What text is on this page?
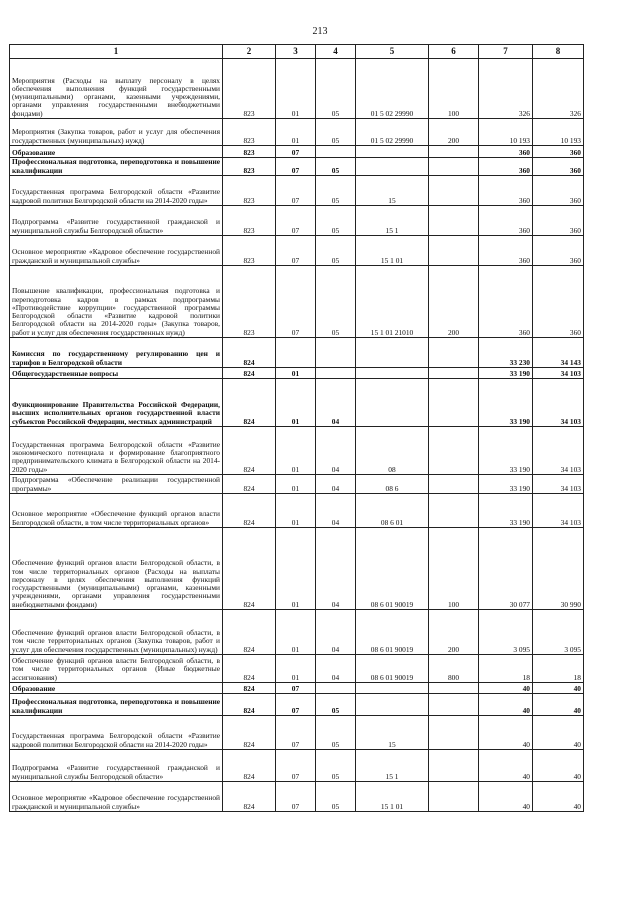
213
1	2	3	4	5	6	7	8
Мероприятия (Расходы на выплату персоналу в целях обеспечения выполнения функций государственными (муниципальными) органами, казенными учреждениями, органами управления государственными внебюджетными фондами)	823	01	05	01 5 02 29990	100	326	326
Мероприятия (Закупка товаров, работ и услуг для обеспечения государственных (муниципальных) нужд)	823	01	05	01 5 02 29990	200	10 193	10 193
Образование	823	07				360	360
Профессиональная подготовка, переподготовка и повышение квалификации	823	07	05			360	360
Государственная программа Белгородской области «Развитие кадровой политики Белгородской области на 2014-2020 годы»	823	07	05	15		360	360
Подпрограмма «Развитие государственной гражданской и муниципальной службы Белгородской области»	823	07	05	15 1		360	360
Основное мероприятие «Кадровое обеспечение государственной гражданской и муниципальной службы»	823	07	05	15 1 01		360	360
Повышение квалификации, профессиональная подготовка и переподготовка кадров в рамках подпрограммы «Противодействие коррупции» государственной программы Белгородской области «Развитие кадровой политики Белгородской области на 2014-2020 годы» (Закупка товаров, работ и услуг для обеспечения государственных нужд)	823	07	05	15 1 01 21010	200	360	360
Комиссия по государственному регулированию цен и тарифов в Белгородской области	824					33 230	34 143
Общегосударственные вопросы	824	01				33 190	34 103
Функционирование Правительства Российской Федерации, высших исполнительных органов государственной власти субъектов Российской Федерации, местных администраций	824	01	04			33 190	34 103
Государственная программа Белгородской области «Развитие экономического потенциала и формирование благоприятного предпринимательского климата в Белгородской области на 2014-2020 годы»	824	01	04	08		33 190	34 103
Подпрограмма «Обеспечение реализации государственной программы»	824	01	04	08 6		33 190	34 103
Основное мероприятие «Обеспечение функций органов власти Белгородской области, в том числе территориальных органов»	824	01	04	08 6 01		33 190	34 103
Обеспечение функций органов власти Белгородской области, в том числе территориальных органов (Расходы на выплаты персоналу в целях обеспечения выполнения функций государственными (муниципальными) органами, казенными учреждениями, органами управления государственными внебюджетными фондами)	824	01	04	08 6 01 90019	100	30 077	30 990
Обеспечение функций органов власти Белгородской области, в том числе территориальных органов (Закупка товаров, работ и услуг для обеспечения государственных (муниципальных) нужд)	824	01	04	08 6 01 90019	200	3 095	3 095
Обеспечение функций органов власти Белгородской области, в том числе территориальных органов (Иные бюджетные ассигнования)	824	01	04	08 6 01 90019	800	18	18
Образование	824	07				40	40
Профессиональная подготовка, переподготовка и повышение квалификации	824	07	05			40	40
Государственная программа Белгородской области «Развитие кадровой политики Белгородской области на 2014-2020 годы»	824	07	05	15		40	40
Подпрограмма «Развитие государственной гражданской и муниципальной службы Белгородской области»	824	07	05	15 1		40	40
Основное мероприятие «Кадровое обеспечение государственной гражданской и муниципальной службы»	824	07	05	15 1 01		40	40
